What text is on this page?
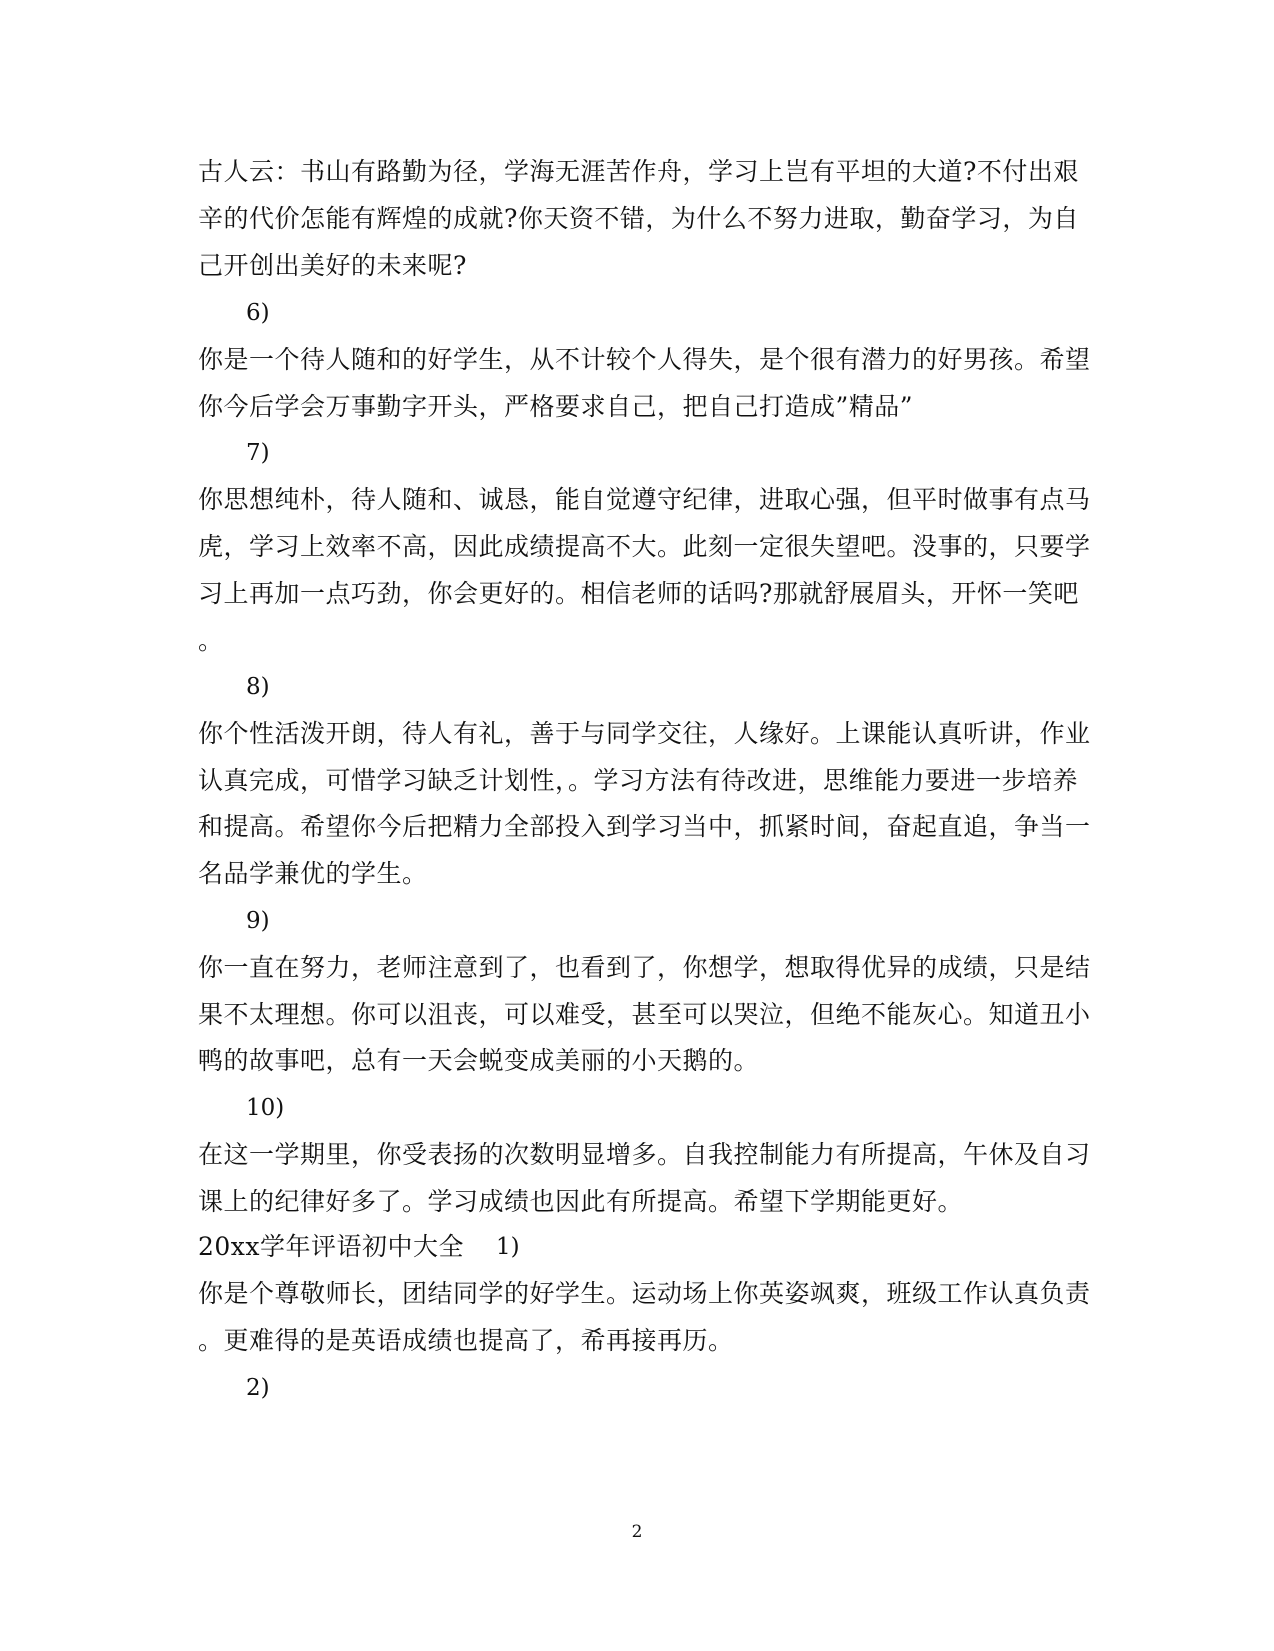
古人云：书山有路勤为径，学海无涯苦作舟，学习上岂有平坦的大道?不付出艰
辛的代价怎能有辉煌的成就?你天资不错，为什么不努力进取，勤奋学习，为自
己开创出美好的未来呢?
6)
你是一个待人随和的好学生，从不计较个人得失，是个很有潜力的好男孩。希望
你今后学会万事勤字开头，严格要求自己，把自己打造成”精品”
7)
你思想纯朴，待人随和、诚恳，能自觉遵守纪律，进取心强，但平时做事有点马
虎，学习上效率不高，因此成绩提高不大。此刻一定很失望吧。没事的，只要学
习上再加一点巧劲，你会更好的。相信老师的话吗?那就舒展眉头，开怀一笑吧
。
8)
你个性活泼开朗，待人有礼，善于与同学交往，人缘好。上课能认真听讲，作业
认真完成，可惜学习缺乏计划性，。学习方法有待改进，思维能力要进一步培养
和提高。希望你今后把精力全部投入到学习当中，抓紧时间，奋起直追，争当一
名品学兼优的学生。
9)
你一直在努力，老师注意到了，也看到了，你想学，想取得优异的成绩，只是结
果不太理想。你可以沮丧，可以难受，甚至可以哭泣，但绝不能灰心。知道丑小
鸭的故事吧，总有一天会蜕变成美丽的小天鹅的。
10)
在这一学期里，你受表扬的次数明显增多。自我控制能力有所提高，午休及自习
课上的纪律好多了。学习成绩也因此有所提高。希望下学期能更好。
20xx学年评语初中大全 1)
你是个尊敬师长，团结同学的好学生。运动场上你英姿飒爽，班级工作认真负责
。更难得的是英语成绩也提高了，希再接再历。
2)
2
